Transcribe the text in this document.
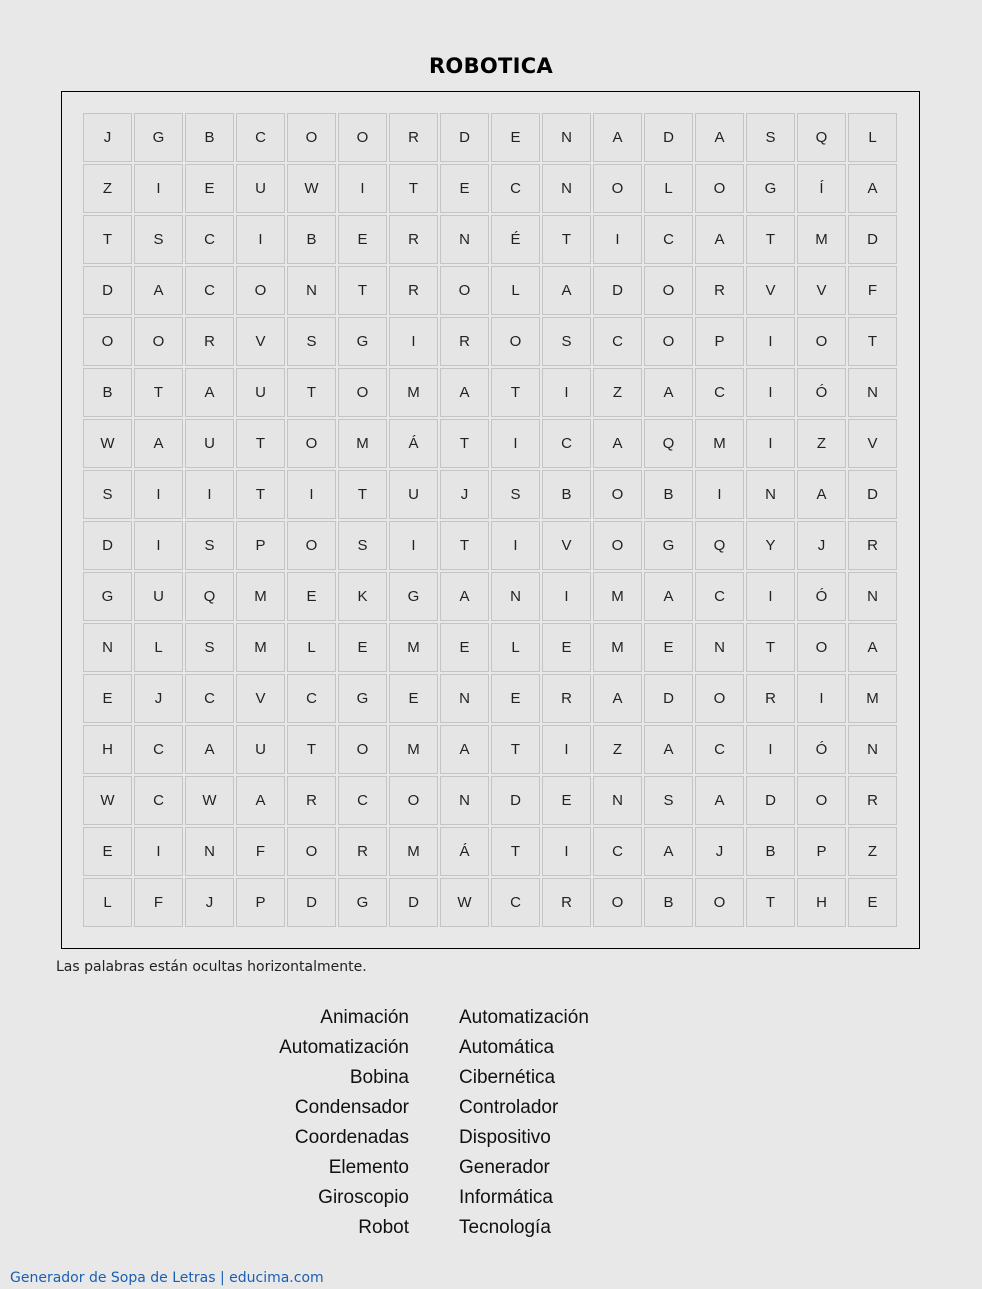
ROBOTICA
J	G	B	C	O	O	R	D	E	N	A	D	A	S	Q	L
Z	I	E	U	W	I	T	E	C	N	O	L	O	G	Í	A
T	S	C	I	B	E	R	N	É	T	I	C	A	T	M	D
D	A	C	O	N	T	R	O	L	A	D	O	R	V	V	F
O	O	R	V	S	G	I	R	O	S	C	O	P	I	O	T
B	T	A	U	T	O	M	A	T	I	Z	A	C	I	Ó	N
W	A	U	T	O	M	Á	T	I	C	A	Q	M	I	Z	V
S	I	I	T	I	T	U	J	S	B	O	B	I	N	A	D
D	I	S	P	O	S	I	T	I	V	O	G	Q	Y	J	R
G	U	Q	M	E	K	G	A	N	I	M	A	C	I	Ó	N
N	L	S	M	L	E	M	E	L	E	M	E	N	T	O	A
E	J	C	V	C	G	E	N	E	R	A	D	O	R	I	M
H	C	A	U	T	O	M	A	T	I	Z	A	C	I	Ó	N
W	C	W	A	R	C	O	N	D	E	N	S	A	D	O	R
E	I	N	F	O	R	M	Á	T	I	C	A	J	B	P	Z
L	F	J	P	D	G	D	W	C	R	O	B	O	T	H	E
Las palabras están ocultas horizontalmente.
Animación
Automatización
Bobina
Condensador
Coordenadas
Elemento
Giroscopio
Robot
Automatización
Automática
Cibernética
Controlador
Dispositivo
Generador
Informática
Tecnología
Generador de Sopa de Letras | educima.com
